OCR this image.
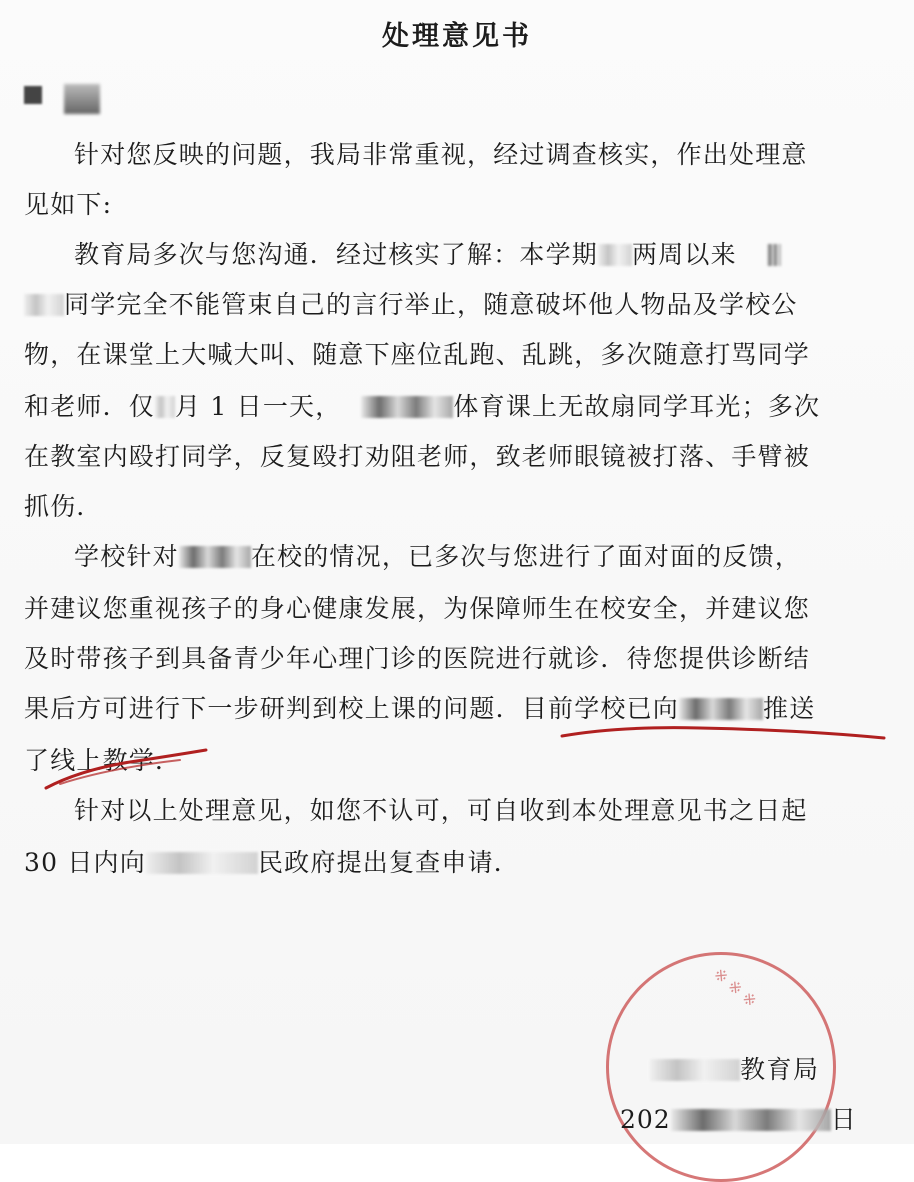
处理意见书
针对您反映的问题，我局非常重视，经过调查核实，作出处理意
见如下:
教育局多次与您沟通．经过核实了解：本学期 两周以来
同学完全不能管束自己的言行举止，随意破坏他人物品及学校公
物，在课堂上大喊大叫、随意下座位乱跑、乱跳，多次随意打骂同学
和老师．仅 月 1 日一天，	体育课上无故扇同学耳光；多次
在教室内殴打同学，反复殴打劝阻老师，致老师眼镜被打落、手臂被
抓伤．
学校针对	在校的情况，已多次与您进行了面对面的反馈，
并建议您重视孩子的身心健康发展，为保障师生在校安全，并建议您
及时带孩子到具备青少年心理门诊的医院进行就诊．待您提供诊断结
果后方可进行下一步研判到校上课的问题．目前学校已向	推送
了线上教学．
针对以上处理意见，如您不认可，可自收到本处理意见书之日起
30 日内向	民政府提出复查申请．
※ ※ ※
教育局
202	日
